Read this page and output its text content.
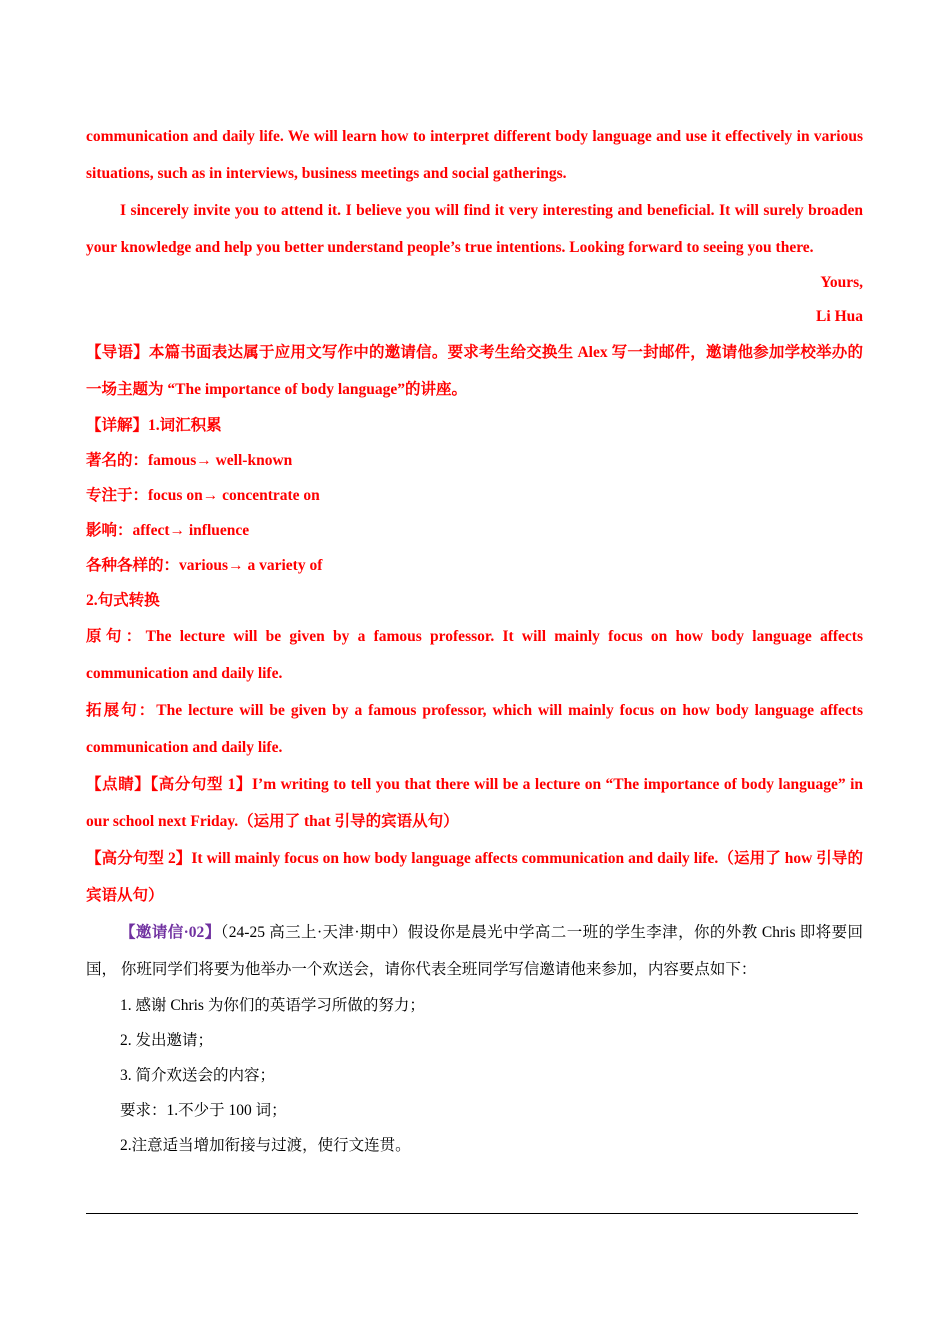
communication and daily life. We will learn how to interpret different body language and use it effectively in various situations, such as in interviews, business meetings and social gatherings.

I sincerely invite you to attend it. I believe you will find it very interesting and beneficial. It will surely broaden your knowledge and help you better understand people’s true intentions. Looking forward to seeing you there.

Yours,

Li Hua

【导语】本篇书面表达属于应用文写作中的邀请信。要求考生给交换生 Alex 写一封邮件，邀请他参加学校举办的一场主题为 “The importance of body language”的讲座。

【详解】1.词汇积累

著名的：famous→ well-known

专注于：focus on→ concentrate on

影响：affect→ influence

各种各样的：various→ a variety of

2.句式转换

原句：The lecture will be given by a famous professor. It will mainly focus on how body language affects communication and daily life.

拓展句：The lecture will be given by a famous professor, which will mainly focus on how body language affects communication and daily life.

【点睛】【高分句型 1】I’m writing to tell you that there will be a lecture on “The importance of body language” in our school next Friday.（运用了 that 引导的宾语从句）

【高分句型 2】It will mainly focus on how body language affects communication and daily life.（运用了 how 引导的宾语从句）

【邀请信·02】（24-25 高三上·天津·期中）假设你是晨光中学高二一班的学生李津，你的外教 Chris 即将要回国， 你班同学们将要为他举办一个欢送会，请你代表全班同学写信邀请他来参加，内容要点如下：

1. 感谢 Chris 为你们的英语学习所做的努力；

2. 发出邀请；

3. 简介欢送会的内容；

要求：1.不少于 100 词；

2.注意适当增加衔接与过渡，使行文连贯。
